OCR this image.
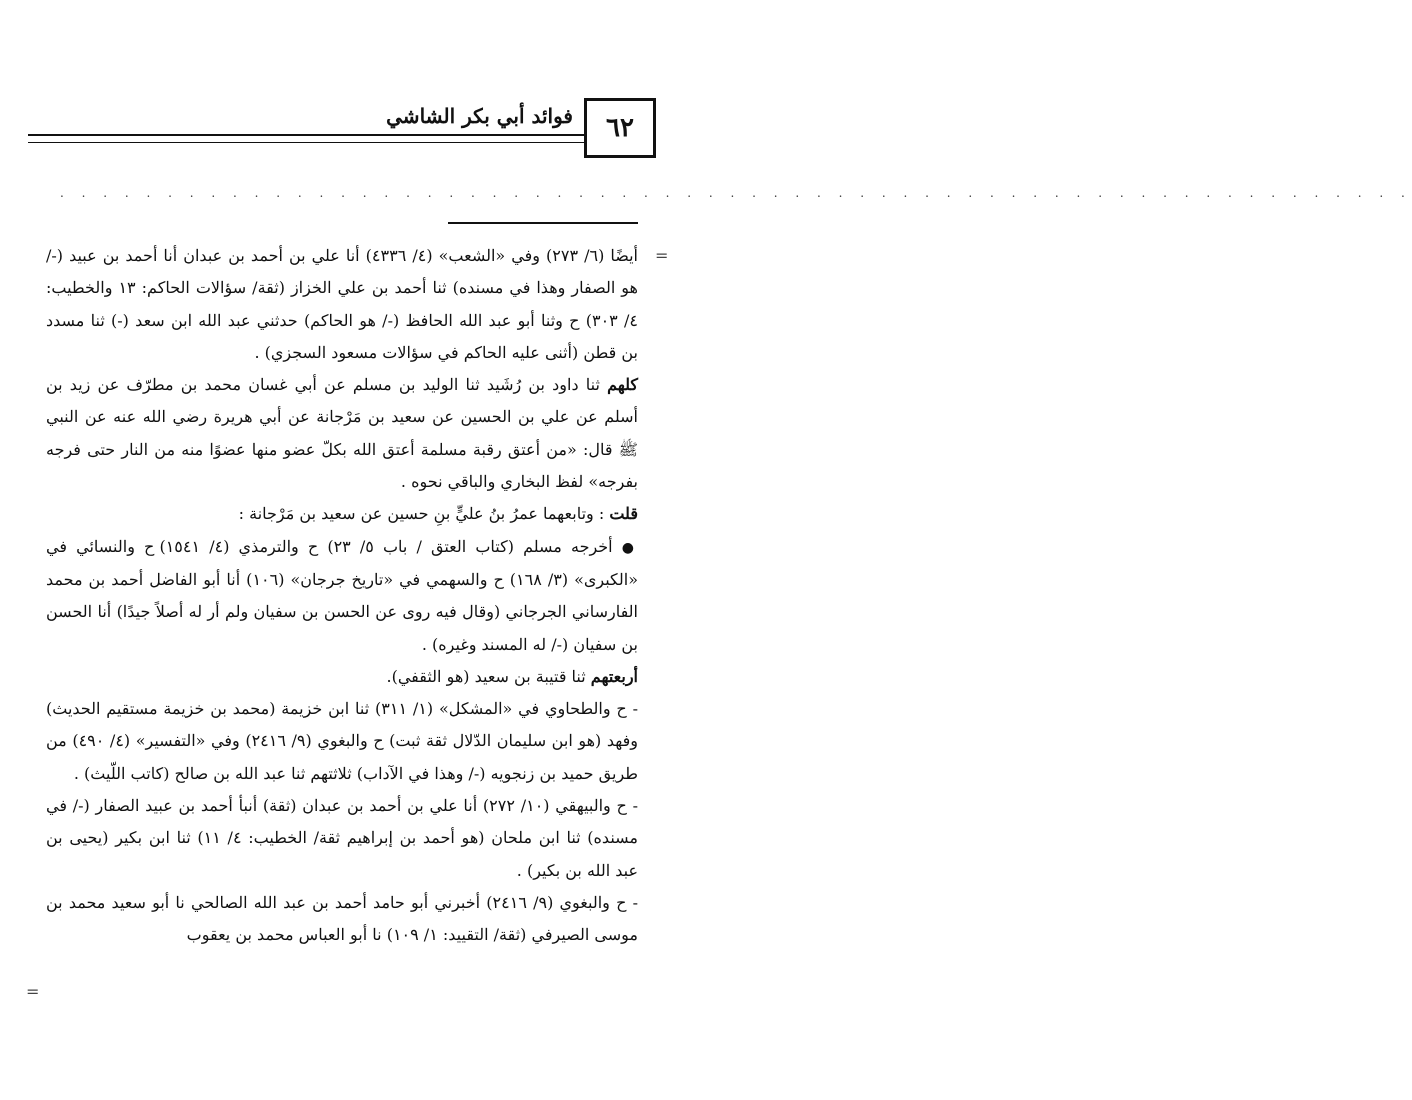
فوائد أبي بكر الشاشي	٦٢
. . . . . . . . . . . . . . . . . . . . . . . . . . . . . . . . . . . . . . . . . . . . . . . . . . . . . . . . . . . . . . .
=
=

أيضًا (٦/ ٢٧٣) وفي «الشعب» (٤/ ٤٣٣٦) أنا علي بن أحمد بن عبدان أنا أحمد بن عبيد (-/ هو الصفار وهذا في مسنده) ثنا أحمد بن علي الخزاز (ثقة/ سؤالات الحاكم: ١٣ والخطيب: ٤/ ٣٠٣) ح وثنا أبو عبد الله الحافظ (-/ هو الحاكم) حدثني عبد الله ابن سعد (-) ثنا مسدد بن قطن (أثنى عليه الحاكم في سؤالات مسعود السجزي) .

كلهم ثنا داود بن رُشَيد ثنا الوليد بن مسلم عن أبي غسان محمد بن مطرّف عن زيد بن أسلم عن علي بن الحسين عن سعيد بن مَرْجانة عن أبي هريرة رضي الله عنه عن النبي ﷺ قال: «من أعتق رقبة مسلمة أعتق الله بكلّ عضو منها عضوًا منه من النار حتى فرجه بفرجه» لفظ البخاري والباقي نحوه .

قلت : وتابعهما عمرُ بنُ عليٍّ بنِ حسين عن سعيد بن مَرْجانة :

● أخرجه مسلم (كتاب العتق / باب ٥/ ٢٣) ح والترمذي (٤/ ١٥٤١) ح والنسائي في «الكبرى» (٣/ ١٦٨) ح والسهمي في «تاريخ جرجان» (١٠٦) أنا أبو الفاضل أحمد بن محمد الفارساني الجرجاني (وقال فيه روى عن الحسن بن سفيان ولم أر له أصلاً جيدًا) أنا الحسن بن سفيان (-/ له المسند وغيره) .

أربعتهم ثنا قتيبة بن سعيد (هو الثقفي).

- ح والطحاوي في «المشكل» (١/ ٣١١) ثنا ابن خزيمة (محمد بن خزيمة مستقيم الحديث) وفهد (هو ابن سليمان الدّلال ثقة ثبت) ح والبغوي (٩/ ٢٤١٦) وفي «التفسير» (٤/ ٤٩٠) من طريق حميد بن زنجويه (-/ وهذا في الآداب) ثلاثتهم ثنا عبد الله بن صالح (كاتب اللّيث) .

- ح والبيهقي (١٠/ ٢٧٢) أنا علي بن أحمد بن عبدان (ثقة) أنبأ أحمد بن عبيد الصفار (-/ في مسنده) ثنا ابن ملحان (هو أحمد بن إبراهيم ثقة/ الخطيب: ٤/ ١١) ثنا ابن بكير (يحيى بن عبد الله بن بكير) .

- ح والبغوي (٩/ ٢٤١٦) أخبرني أبو حامد أحمد بن عبد الله الصالحي نا أبو سعيد محمد بن موسى الصيرفي (ثقة/ التقييد: ١/ ١٠٩) نا أبو العباس محمد بن يعقوب
